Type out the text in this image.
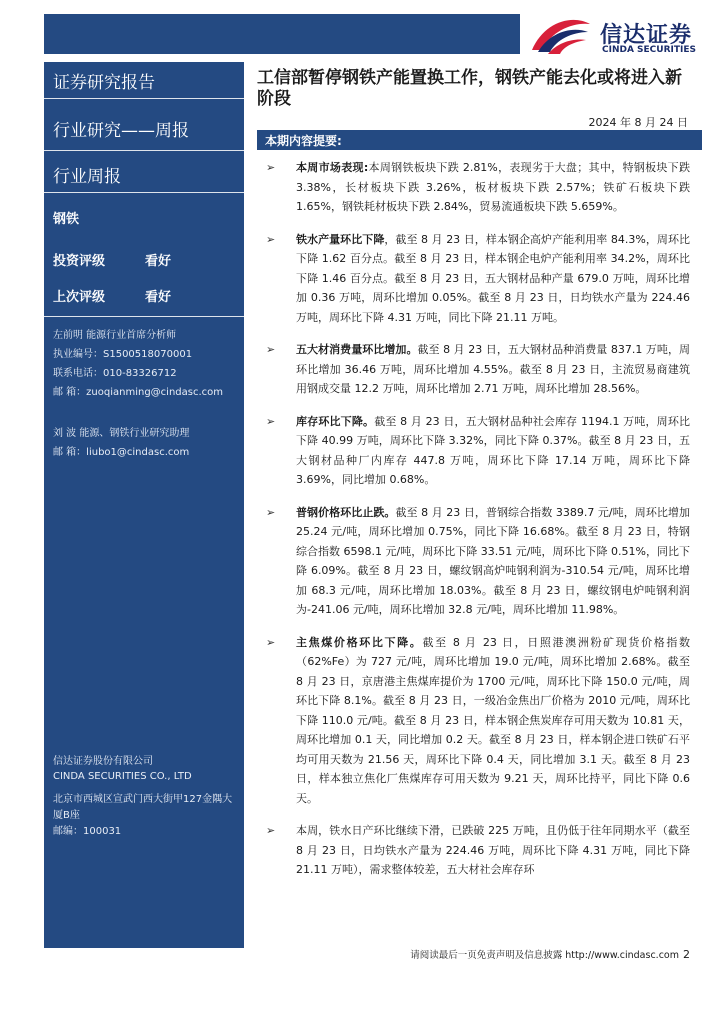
信达证券
CINDA SECURITIES
证券研究报告
行业研究——周报
行业周报
钢铁
投资评级	看好
上次评级	看好
左前明 能源行业首席分析师
执业编号：S1500518070001
联系电话：010-83326712
邮 箱：zuoqianming@cindasc.com
刘 波 能源、钢铁行业研究助理
邮 箱：liubo1@cindasc.com
信达证券股份有限公司
CINDA SECURITIES CO., LTD
北京市西城区宣武门西大街甲127金隅大
厦B座
邮编：100031
工信部暂停钢铁产能置换工作，钢铁产能去化或将进入新阶段
2024 年 8 月 24 日
本期内容提要:
➢ 本周市场表现:本周钢铁板块下跌 2.81%，表现劣于大盘；其中，特钢板块下跌 3.38%，长材板块下跌 3.26%，板材板块下跌 2.57%；铁矿石板块下跌 1.65%，钢铁耗材板块下跌 2.84%，贸易流通板块下跌 5.659%。
➢ 铁水产量环比下降，截至 8 月 23 日，样本钢企高炉产能利用率 84.3%，周环比下降 1.62 百分点。截至 8 月 23 日，样本钢企电炉产能利用率 34.2%，周环比下降 1.46 百分点。截至 8 月 23 日，五大钢材品种产量 679.0 万吨，周环比增加 0.36 万吨，周环比增加 0.05%。截至 8 月 23 日，日均铁水产量为 224.46 万吨，周环比下降 4.31 万吨，同比下降 21.11 万吨。
➢ 五大材消费量环比增加。截至 8 月 23 日，五大钢材品种消费量 837.1 万吨，周环比增加 36.46 万吨，周环比增加 4.55%。截至 8 月 23 日，主流贸易商建筑用钢成交量 12.2 万吨，周环比增加 2.71 万吨，周环比增加 28.56%。
➢ 库存环比下降。截至 8 月 23 日，五大钢材品种社会库存 1194.1 万吨，周环比下降 40.99 万吨，周环比下降 3.32%，同比下降 0.37%。截至 8 月 23 日，五大钢材品种厂内库存 447.8 万吨，周环比下降 17.14 万吨，周环比下降 3.69%，同比增加 0.68%。
➢ 普钢价格环比止跌。截至 8 月 23 日，普钢综合指数 3389.7 元/吨，周环比增加 25.24 元/吨，周环比增加 0.75%，同比下降 16.68%。截至 8 月 23 日，特钢综合指数 6598.1 元/吨，周环比下降 33.51 元/吨，周环比下降 0.51%，同比下降 6.09%。截至 8 月 23 日，螺纹钢高炉吨钢利润为-310.54 元/吨，周环比增加 68.3 元/吨，周环比增加 18.03%。截至 8 月 23 日，螺纹钢电炉吨钢利润为-241.06 元/吨，周环比增加 32.8 元/吨，周环比增加 11.98%。
➢ 主焦煤价格环比下降。截至 8 月 23 日，日照港澳洲粉矿现货价格指数（62%Fe）为 727 元/吨，周环比增加 19.0 元/吨，周环比增加 2.68%。截至 8 月 23 日，京唐港主焦煤库提价为 1700 元/吨，周环比下降 150.0 元/吨，周环比下降 8.1%。截至 8 月 23 日，一级冶金焦出厂价格为 2010 元/吨，周环比下降 110.0 元/吨。截至 8 月 23 日，样本钢企焦炭库存可用天数为 10.81 天，周环比增加 0.1 天，同比增加 0.2 天。截至 8 月 23 日，样本钢企进口铁矿石平均可用天数为 21.56 天，周环比下降 0.4 天，同比增加 3.1 天。截至 8 月 23 日，样本独立焦化厂焦煤库存可用天数为 9.21 天，周环比持平，同比下降 0.6 天。
➢ 本周，铁水日产环比继续下滑，已跌破 225 万吨，且仍低于往年同期水平（截至 8 月 23 日，日均铁水产量为 224.46 万吨，周环比下降 4.31 万吨，同比下降 21.11 万吨），需求整体较差，五大材社会库存环
请阅读最后一页免责声明及信息披露 http://www.cindasc.com 2
